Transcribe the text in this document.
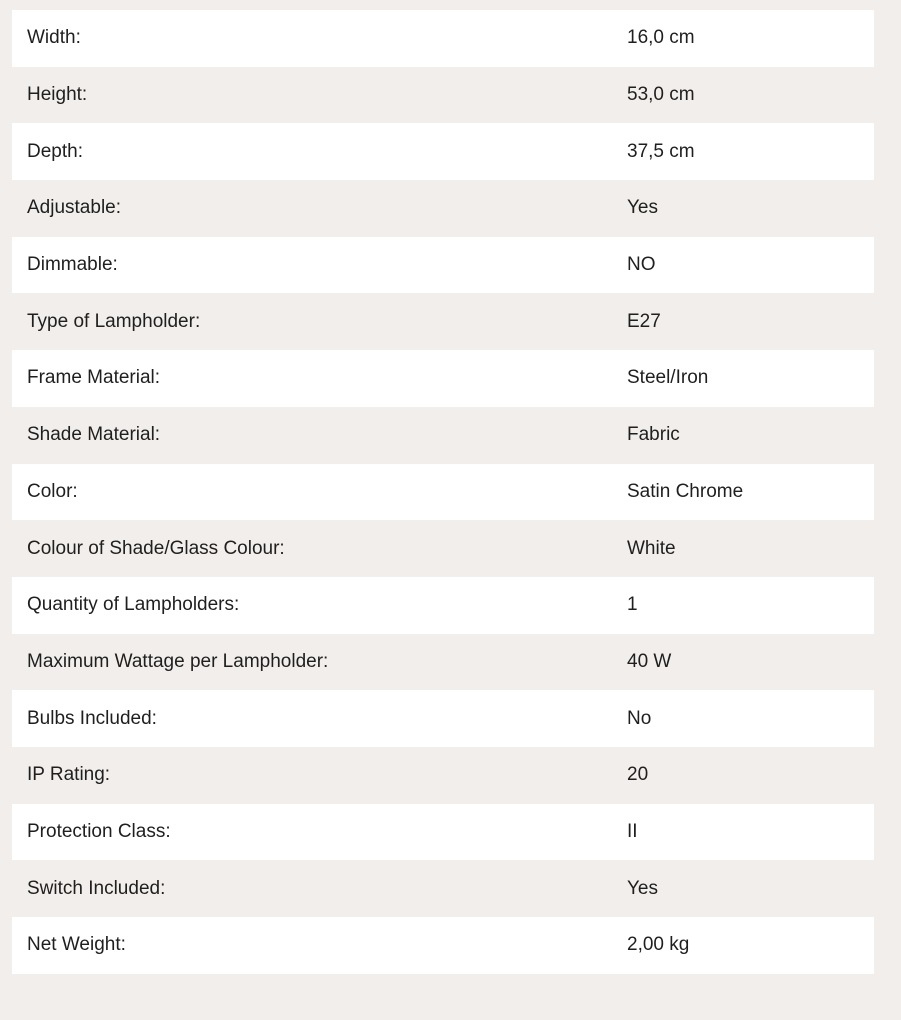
Width:	16,0 cm
Height:	53,0 cm
Depth:	37,5 cm
Adjustable:	Yes
Dimmable:	NO
Type of Lampholder:	E27
Frame Material:	Steel/Iron
Shade Material:	Fabric
Color:	Satin Chrome
Colour of Shade/Glass Colour:	White
Quantity of Lampholders:	1
Maximum Wattage per Lampholder:	40 W
Bulbs Included:	No
IP Rating:	20
Protection Class:	II
Switch Included:	Yes
Net Weight:	2,00 kg
